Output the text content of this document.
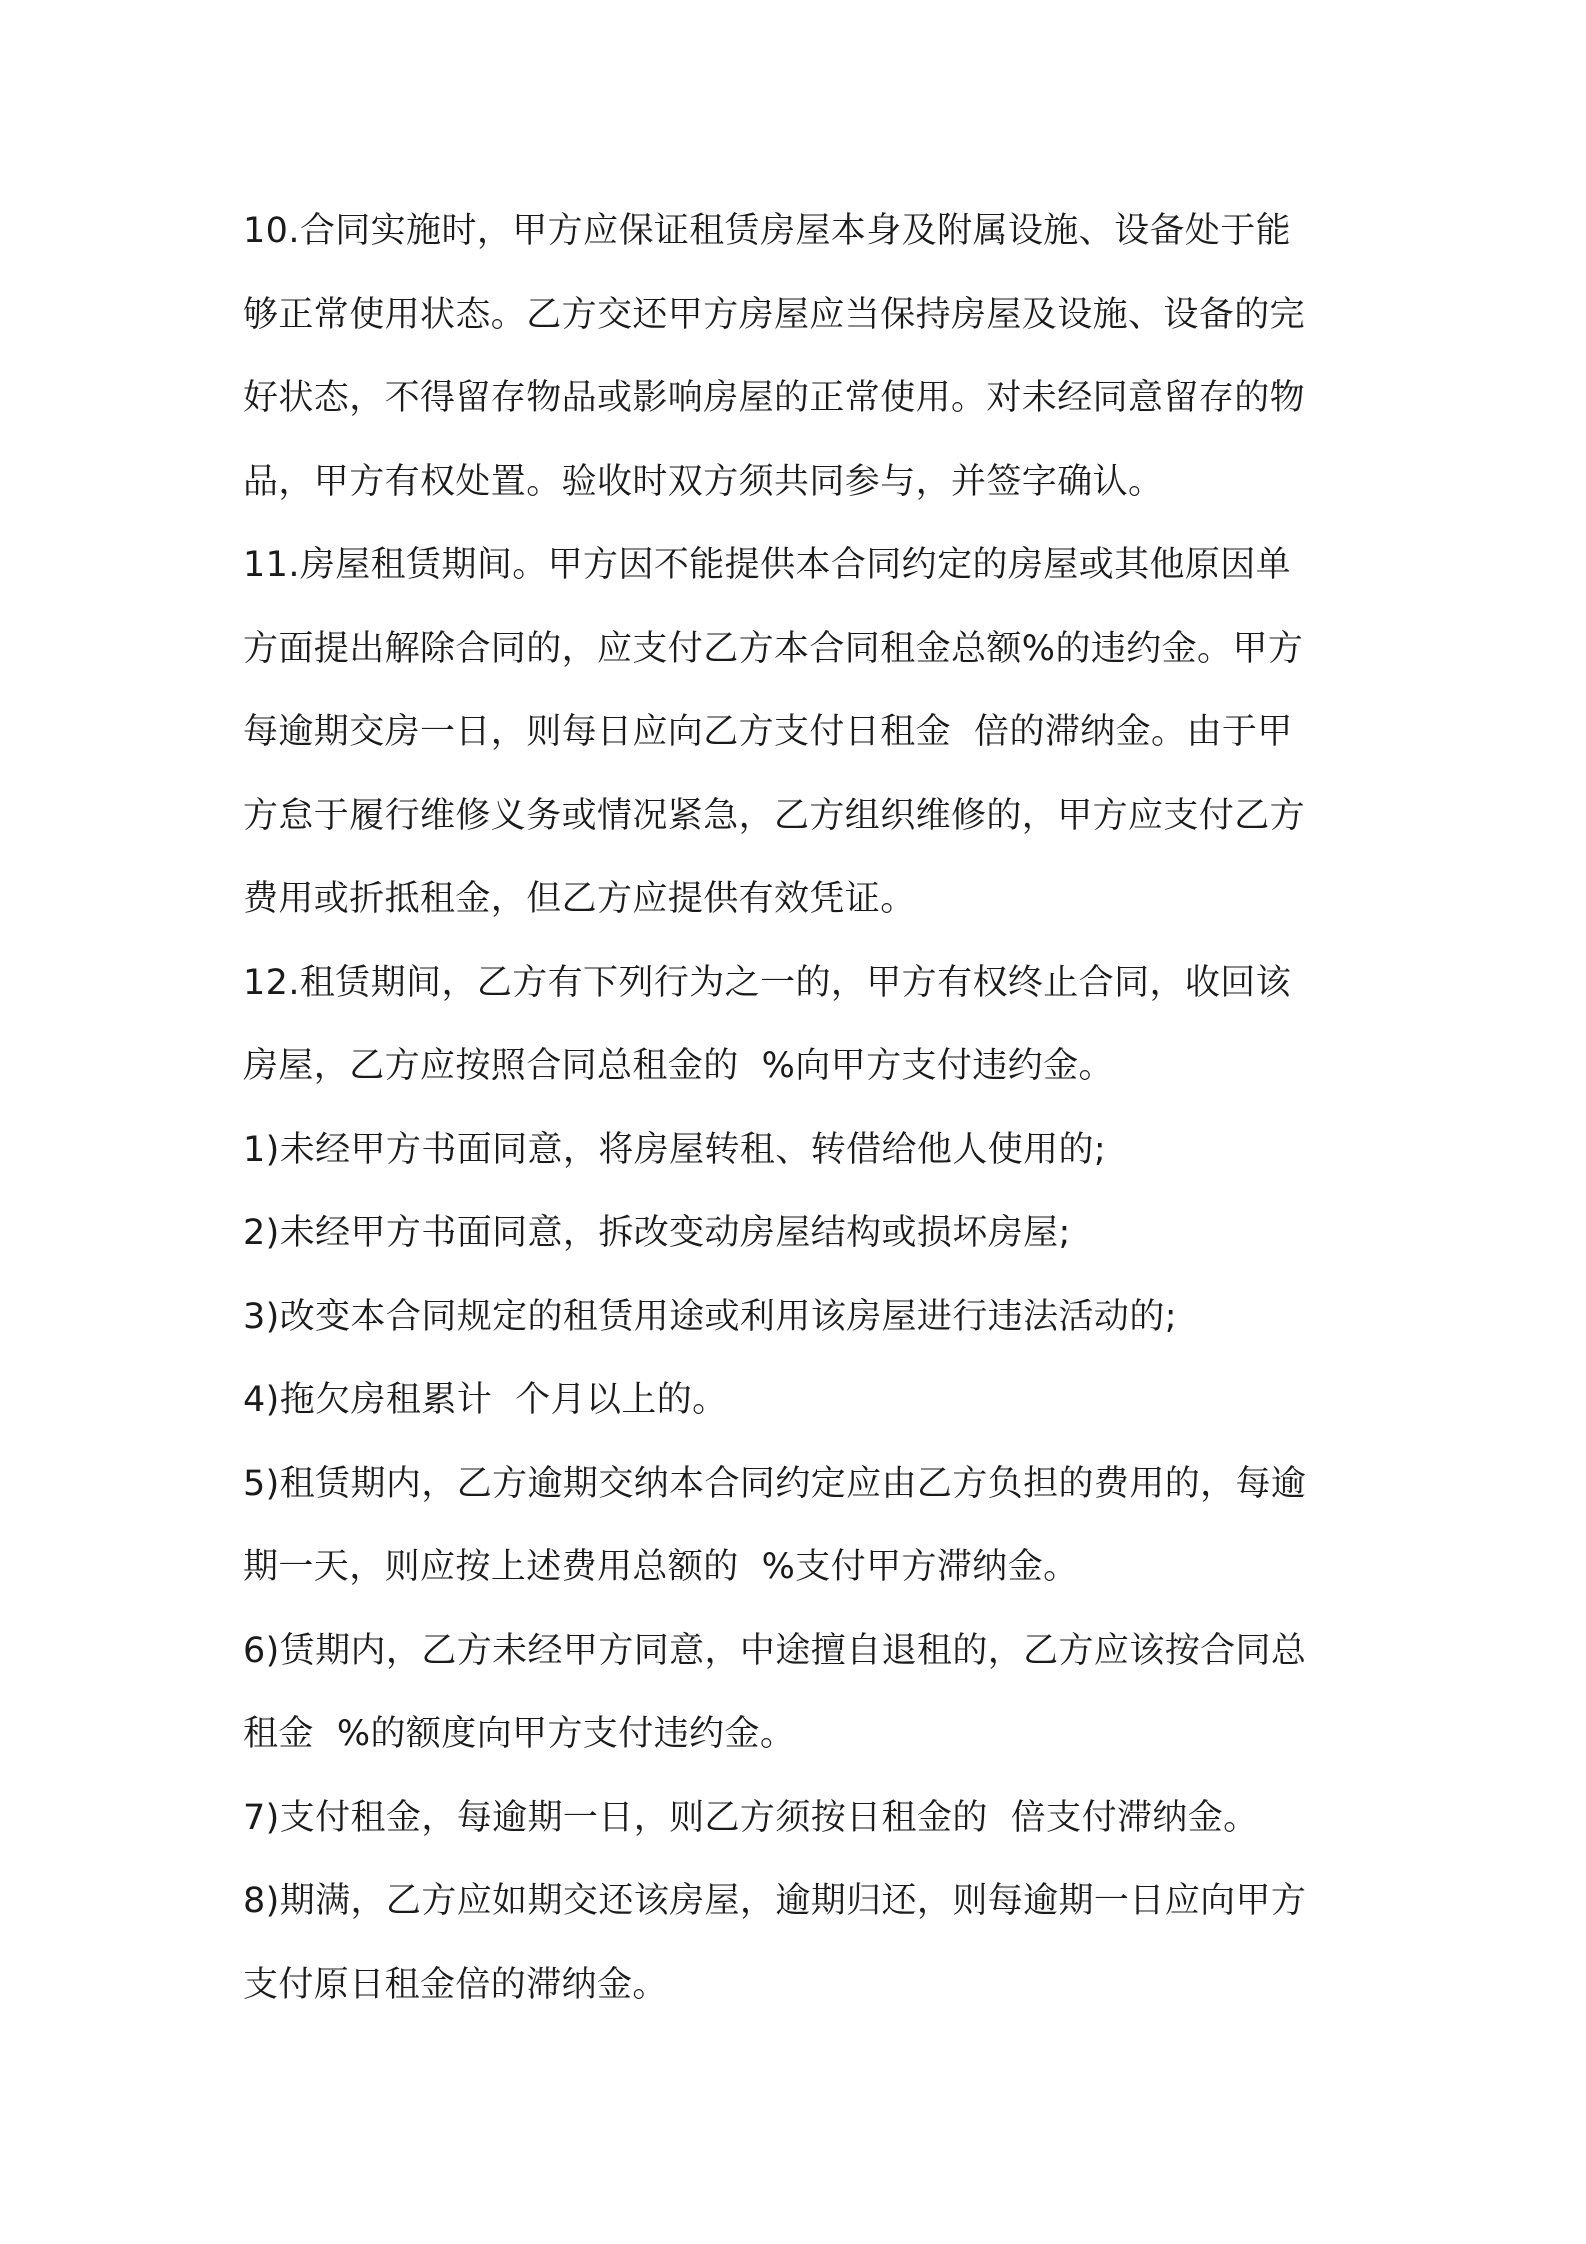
10.合同实施时，甲方应保证租赁房屋本身及附属设施、设备处于能
够正常使用状态。乙方交还甲方房屋应当保持房屋及设施、设备的完
好状态，不得留存物品或影响房屋的正常使用。对未经同意留存的物
品，甲方有权处置。验收时双方须共同参与，并签字确认。
11.房屋租赁期间。甲方因不能提供本合同约定的房屋或其他原因单
方面提出解除合同的，应支付乙方本合同租金总额%的违约金。甲方
每逾期交房一日，则每日应向乙方支付日租金  倍的滞纳金。由于甲
方怠于履行维修义务或情况紧急，乙方组织维修的，甲方应支付乙方
费用或折抵租金，但乙方应提供有效凭证。
12.租赁期间，乙方有下列行为之一的，甲方有权终止合同，收回该
房屋，乙方应按照合同总租金的  %向甲方支付违约金。
1)未经甲方书面同意，将房屋转租、转借给他人使用的;
2)未经甲方书面同意，拆改变动房屋结构或损坏房屋;
3)改变本合同规定的租赁用途或利用该房屋进行违法活动的;
4)拖欠房租累计  个月以上的。
5)租赁期内，乙方逾期交纳本合同约定应由乙方负担的费用的，每逾
期一天，则应按上述费用总额的  %支付甲方滞纳金。
6)赁期内，乙方未经甲方同意，中途擅自退租的，乙方应该按合同总
租金  %的额度向甲方支付违约金。
7)支付租金，每逾期一日，则乙方须按日租金的  倍支付滞纳金。
8)期满，乙方应如期交还该房屋，逾期归还，则每逾期一日应向甲方
支付原日租金倍的滞纳金。
